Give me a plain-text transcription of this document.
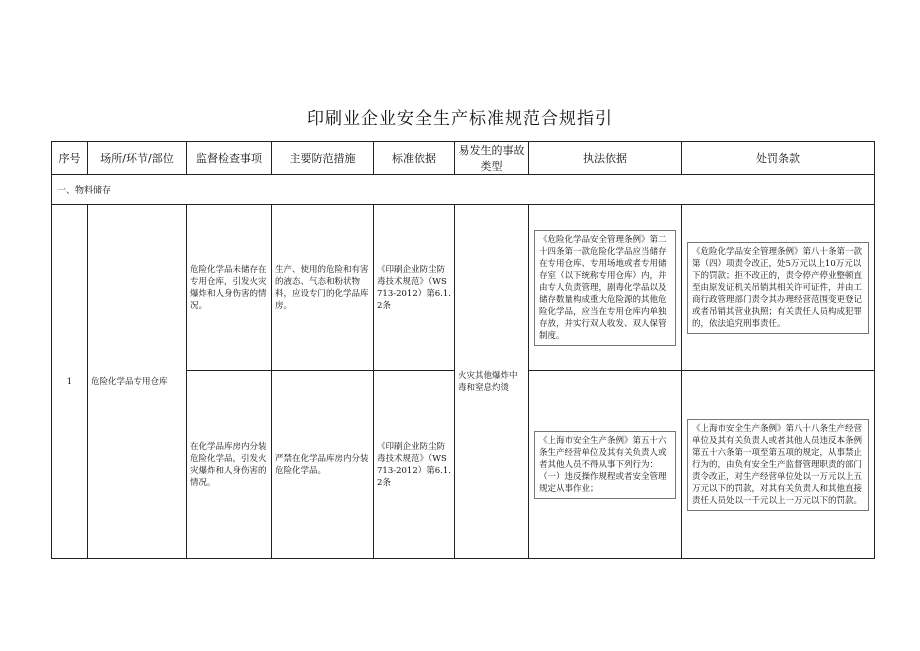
印刷业企业安全生产标准规范合规指引
序号	场所/环节/部位	监督检查事项	主要防范措施	标准依据	易发生的事故类型	执法依据	处罚条款
一、物料储存							
1	危险化学品专用仓库	危险化学品未储存在专用仓库，引发火灾爆炸和人身伤害的情况。	生产、使用的危险和有害的液态、气态和粉状物料，应设专门的化学品库房。	《印刷企业防尘防毒技术规范》（WS713-2012）第6.1.2条	火灾其他爆炸中毒和窒息灼烫	《危险化学品安全管理条例》第二十四条第一款危险化学品应当储存在专用仓库、专用场地或者专用储存室（以下统称专用仓库）内，并由专人负责管理，剧毒化学品以及储存数量构成重大危险源的其他危险化学品，应当在专用仓库内单独存放，并实行双人收发、双人保管制度。	《危险化学品安全管理条例》第八十条第一款第（四）项责令改正，处5万元以上10万元以下的罚款；拒不改正的，责令停产停业整顿直至由原发证机关吊销其相关许可证件，并由工商行政管理部门责令其办理经营范围变更登记或者吊销其营业执照；有关责任人员构成犯罪的，依法追究刑事责任。

		在化学品库房内分装危险化学品，引发火灾爆炸和人身伤害的情况。	严禁在化学品库房内分装危险化学品。	《印刷企业防尘防毒技术规范》（WS713-2012）第6.1.2条		《上海市安全生产条例》第五十六条生产经营单位及其有关负责人或者其他人员不得从事下列行为：（一）违反操作规程或者安全管理规定从事作业；	《上海市安全生产条例》第八十八条生产经营单位及其有关负责人或者其他人员违反本条例第五十六条第一项至第五项的规定，从事禁止行为的，由负有安全生产监督管理职责的部门责令改正，对生产经营单位处以一万元以上五万元以下的罚款，对其有关负责人和其他直接责任人员处以一千元以上一万元以下的罚款。
